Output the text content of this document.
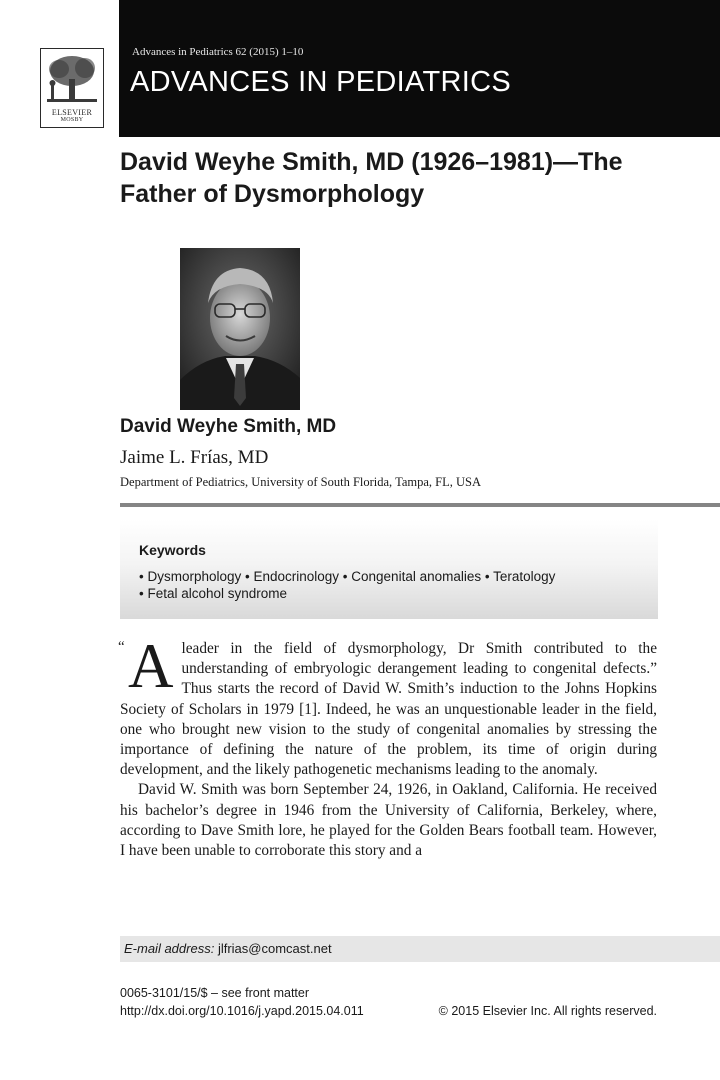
ELSEVIER
MOSBY
Advances in Pediatrics 62 (2015) 1–10
ADVANCES IN PEDIATRICS
David Weyhe Smith, MD (1926–1981)—The Father of Dysmorphology
David Weyhe Smith, MD
Jaime L. Frías, MD
Department of Pediatrics, University of South Florida, Tampa, FL, USA
Keywords
• Dysmorphology • Endocrinology • Congenital anomalies • Teratology
• Fetal alcohol syndrome

“ A leader in the field of dysmorphology, Dr Smith contributed to the understanding of embryologic derangement leading to congenital defects.” Thus starts the record of David W. Smith’s induction to the Johns Hopkins Society of Scholars in 1979 [1]. Indeed, he was an unquestionable leader in the field, one who brought new vision to the study of congenital anomalies by stressing the importance of defining the nature of the problem, its time of origin during development, and the likely pathogenetic mechanisms leading to the anomaly.

David W. Smith was born September 24, 1926, in Oakland, California. He received his bachelor’s degree in 1946 from the University of California, Berkeley, where, according to Dave Smith lore, he played for the Golden Bears football team. However, I have been unable to corroborate this story and a

E-mail address: jlfrias@comcast.net
0065-3101/15/$ – see front matter
http://dx.doi.org/10.1016/j.yapd.2015.04.011	© 2015 Elsevier Inc. All rights reserved.
